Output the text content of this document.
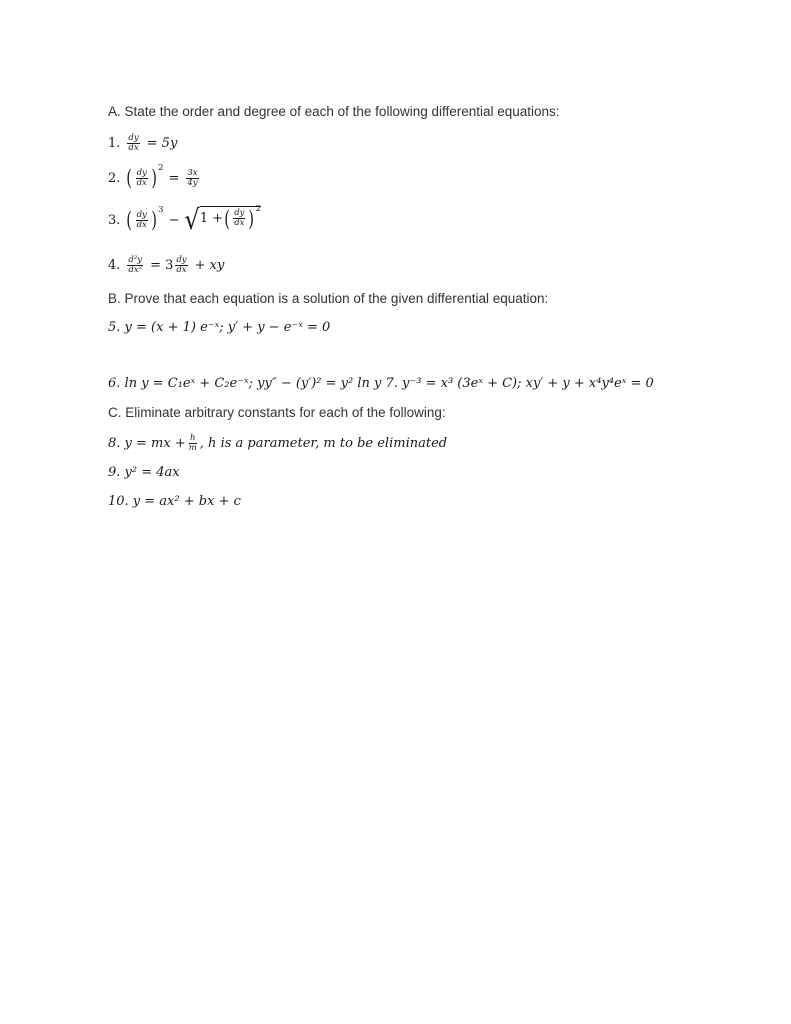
A. State the order and degree of each of the following differential equations:
1. $\frac{dy}{dx} = 5y$
2. ( $\frac{dy}{dx} )^2$
= $\frac{3x}{4y}$
3. ( $\frac{dy}{dx} )^3$
− √ 1 + ( $\frac{dy}{dx} )^2$
4. $\frac{\text{d²y}}{\text{dx²}} = 3 \frac{dy}{dx}$ + xy
B. Prove that each equation is a solution of the given differential equation:
5. y = (x + 1) e⁻ˣ; y′ + y − e⁻ˣ = 0
6. ln y = C₁eˣ + C₂e⁻ˣ; yy″ − (y′)² = y² ln y 7. y⁻³ = x³ (3eˣ + C); xy′ + y + x⁴y⁴eˣ = 0
C. Eliminate arbitrary constants for each of the following:
8. y = mx + $\frac{h}{m}$ , h is a parameter, m to be eliminated
9. y² = 4ax
10. y = ax² + bx + c
